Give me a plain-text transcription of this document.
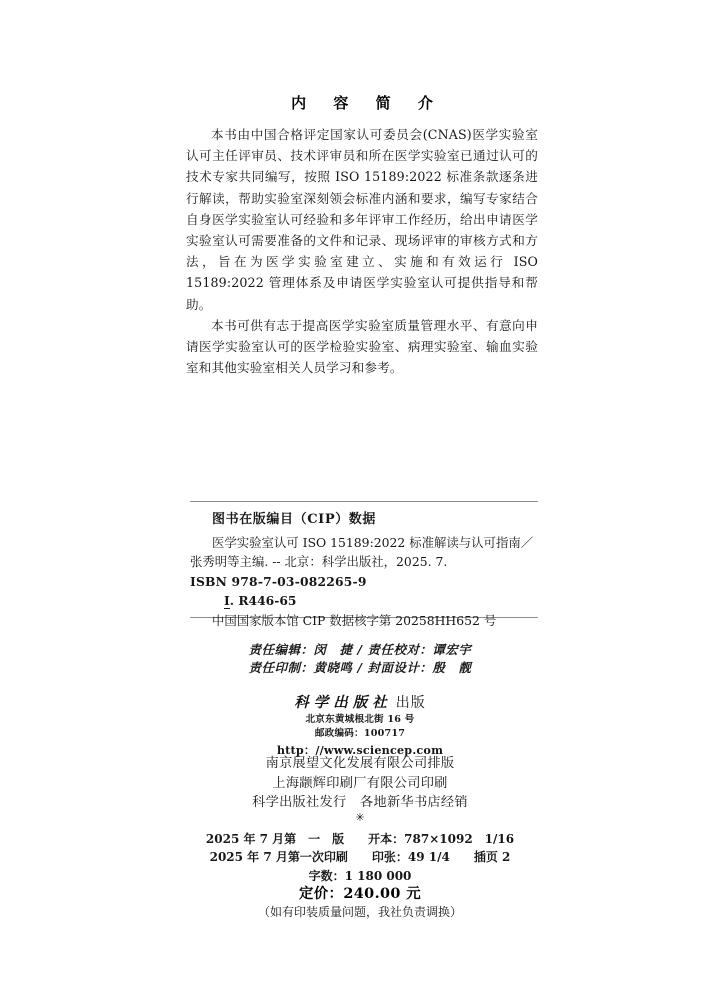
内 容 简 介

本书由中国合格评定国家认可委员会(CNAS)医学实验室认可主任评审员、技术评审员和所在医学实验室已通过认可的技术专家共同编写，按照 ISO 15189:2022 标准条款逐条进行解读，帮助实验室深刻领会标准内涵和要求，编写专家结合自身医学实验室认可经验和多年评审工作经历，给出申请医学实验室认可需要准备的文件和记录、现场评审的审核方式和方法，旨在为医学实验室建立、实施和有效运行 ISO 15189:2022 管理体系及申请医学实验室认可提供指导和帮助。

本书可供有志于提高医学实验室质量管理水平、有意向申请医学实验室认可的医学检验实验室、病理实验室、输血实验室和其他实验室相关人员学习和参考。

图书在版编目（CIP）数据
医学实验室认可 ISO 15189:2022 标准解读与认可指南／
张秀明等主编. -- 北京：科学出版社，2025. 7.
ISBN 978-7-03-082265-9
Ⅰ. R446-65
中国国家版本馆 CIP 数据核字第 20258HH652 号
责任编辑：闵　捷 / 责任校对：谭宏宇
责任印制：黄晓鸣 / 封面设计：殷　靓
科学出版社 出版
北京东黄城根北街 16 号
邮政编码：100717
http：//www.sciencep.com
南京展望文化发展有限公司排版
上海颛辉印刷厂有限公司印刷
科学出版社发行　各地新华书店经销
✳
2025 年 7 月第　一　版　　开本：787×1092　1/16
2025 年 7 月第一次印刷　　印张：49 1/4　　插页 2
字数：1 180 000
定价：240.00 元
（如有印装质量问题，我社负责调换）
